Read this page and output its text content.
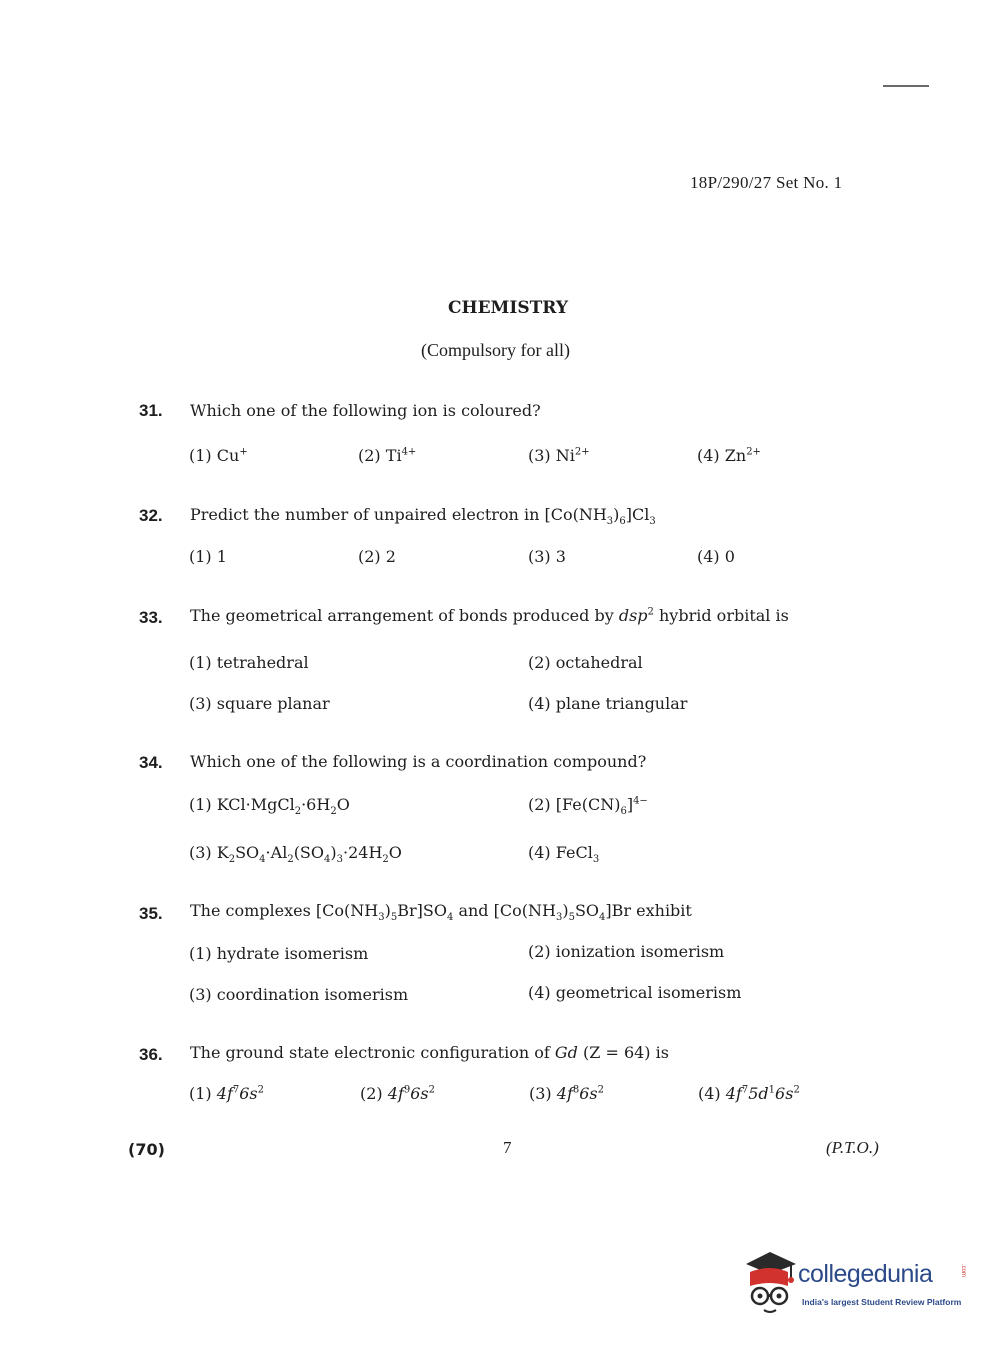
18P/290/27 Set No. 1
CHEMISTRY
(Compulsory for all)
31. Which one of the following ion is coloured?
(1) Cu+	(2) $Ti^{4+}$	(3) $Ni^{2+}$	(4) $Zn^{2+}$
32. Predict the number of unpaired electron in $[Co(NH_3)_6]Cl_3$
(1) 1	(2) 2	(3) 3	(4) 0
33. The geometrical arrangement of bonds produced by dsp$^2$ hybrid orbital is
(1) tetrahedral	(2) octahedral
(3) square planar	(4) plane triangular
34. Which one of the following is a coordination compound?
(1) $KCl\cdot MgCl_2\cdot 6H_2O$	(2) $[Fe(CN)_6]^{4-}$
(3) $K_2SO_4\cdot Al_2(SO_4)_3\cdot 24H_2O$	(4) FeCl$_3$
35. The complexes $[Co(NH_3)_5Br]SO_4$ and $[Co(NH_3)_5SO_4]Br$ exhibit
(1) hydrate isomerism	(2) ionization isomerism
(3) coordination isomerism	(4) geometrical isomerism
36. The ground state electronic configuration of Gd (Z = 64) is
(1) $4f^76s^2$	(2) $4f^96s^2$	(3) $4f^86s^2$	(4) $4f^75d^16s^2$
(70)	7	(P.T.O.)
collegedunia	.com
India's largest Student Review Platform
